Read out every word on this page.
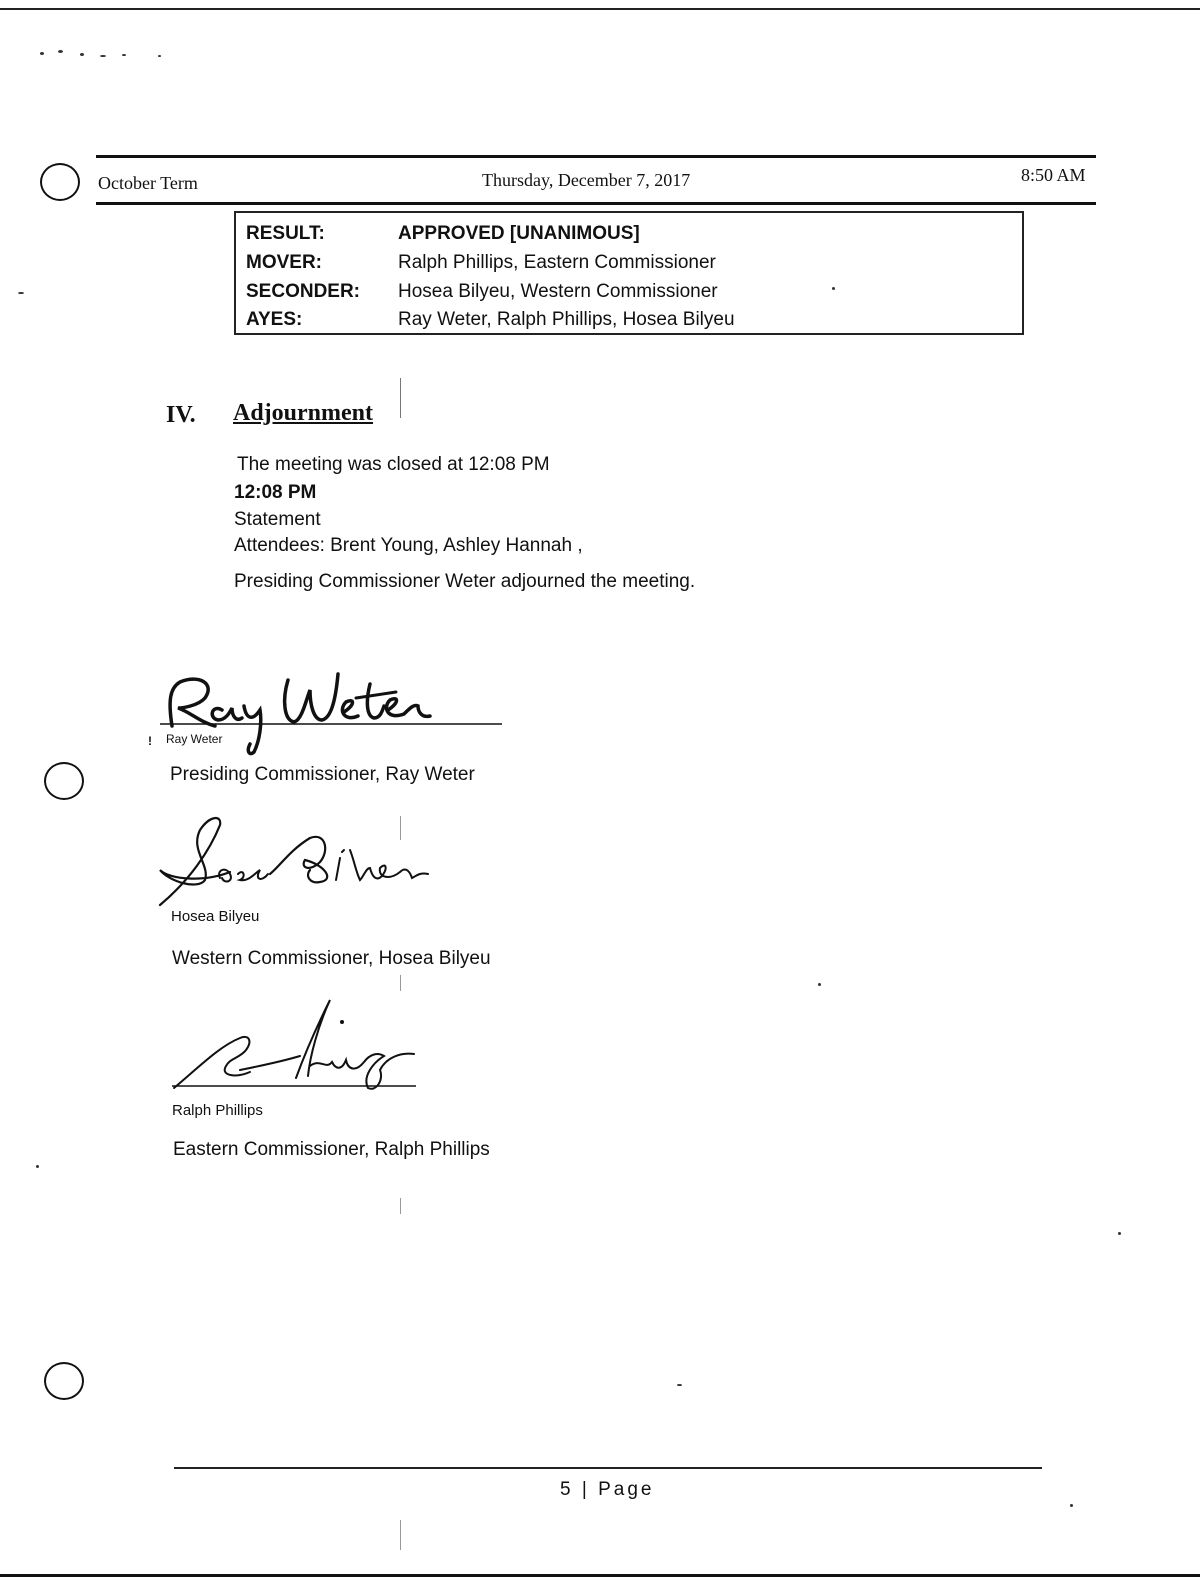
October Term	Thursday, December 7, 2017	8:50 AM
RESULT:	APPROVED [UNANIMOUS]
MOVER:	Ralph Phillips, Eastern Commissioner
SECONDER: Hosea Bilyeu, Western Commissioner
AYES:	Ray Weter, Ralph Phillips, Hosea Bilyeu
IV. Adjournment
The meeting was closed at 12:08 PM
12:08 PM
Statement
Attendees: Brent Young, Ashley Hannah ,
Presiding Commissioner Weter adjourned the meeting.
! Ray Weter
Presiding Commissioner, Ray Weter
Hosea Bilyeu
Western Commissioner, Hosea Bilyeu
Ralph Phillips
Eastern Commissioner, Ralph Phillips
5 | Page
